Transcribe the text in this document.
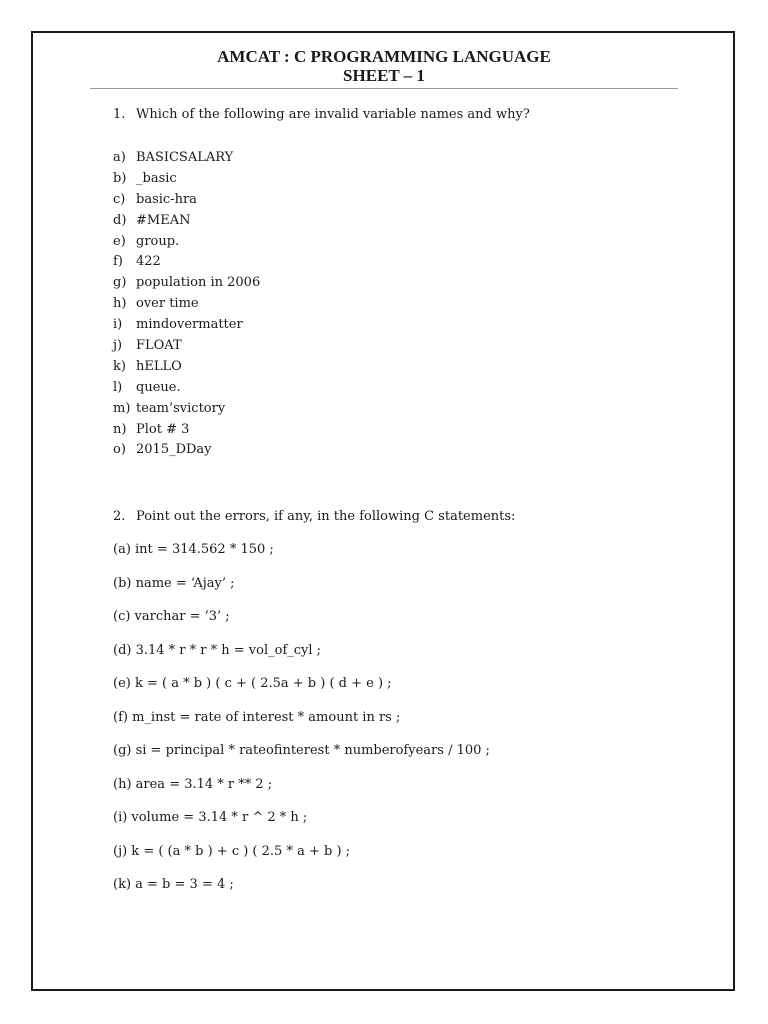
AMCAT : C PROGRAMMING LANGUAGE
SHEET – 1
1. Which of the following are invalid variable names and why?
a) BASICSALARY
b) _basic
c) basic-hra
d) #MEAN
e) group.
f) 422
g) population in 2006
h) over time
i) mindovermatter
j) FLOAT
k) hELLO
l) queue.
m) team’svictory
n) Plot # 3
o) 2015_DDay
2. Point out the errors, if any, in the following C statements:
(a) int = 314.562 * 150 ;
(b) name = ‘Ajay’ ;
(c) varchar = ‘3’ ;
(d) 3.14 * r * r * h = vol_of_cyl ;
(e) k = ( a * b ) ( c + ( 2.5a + b ) ( d + e ) ;
(f) m_inst = rate of interest * amount in rs ;
(g) si = principal * rateofinterest * numberofyears / 100 ;
(h) area = 3.14 * r ** 2 ;
(i) volume = 3.14 * r ^ 2 * h ;
(j) k = ( (a * b ) + c ) ( 2.5 * a + b ) ;
(k) a = b = 3 = 4 ;
